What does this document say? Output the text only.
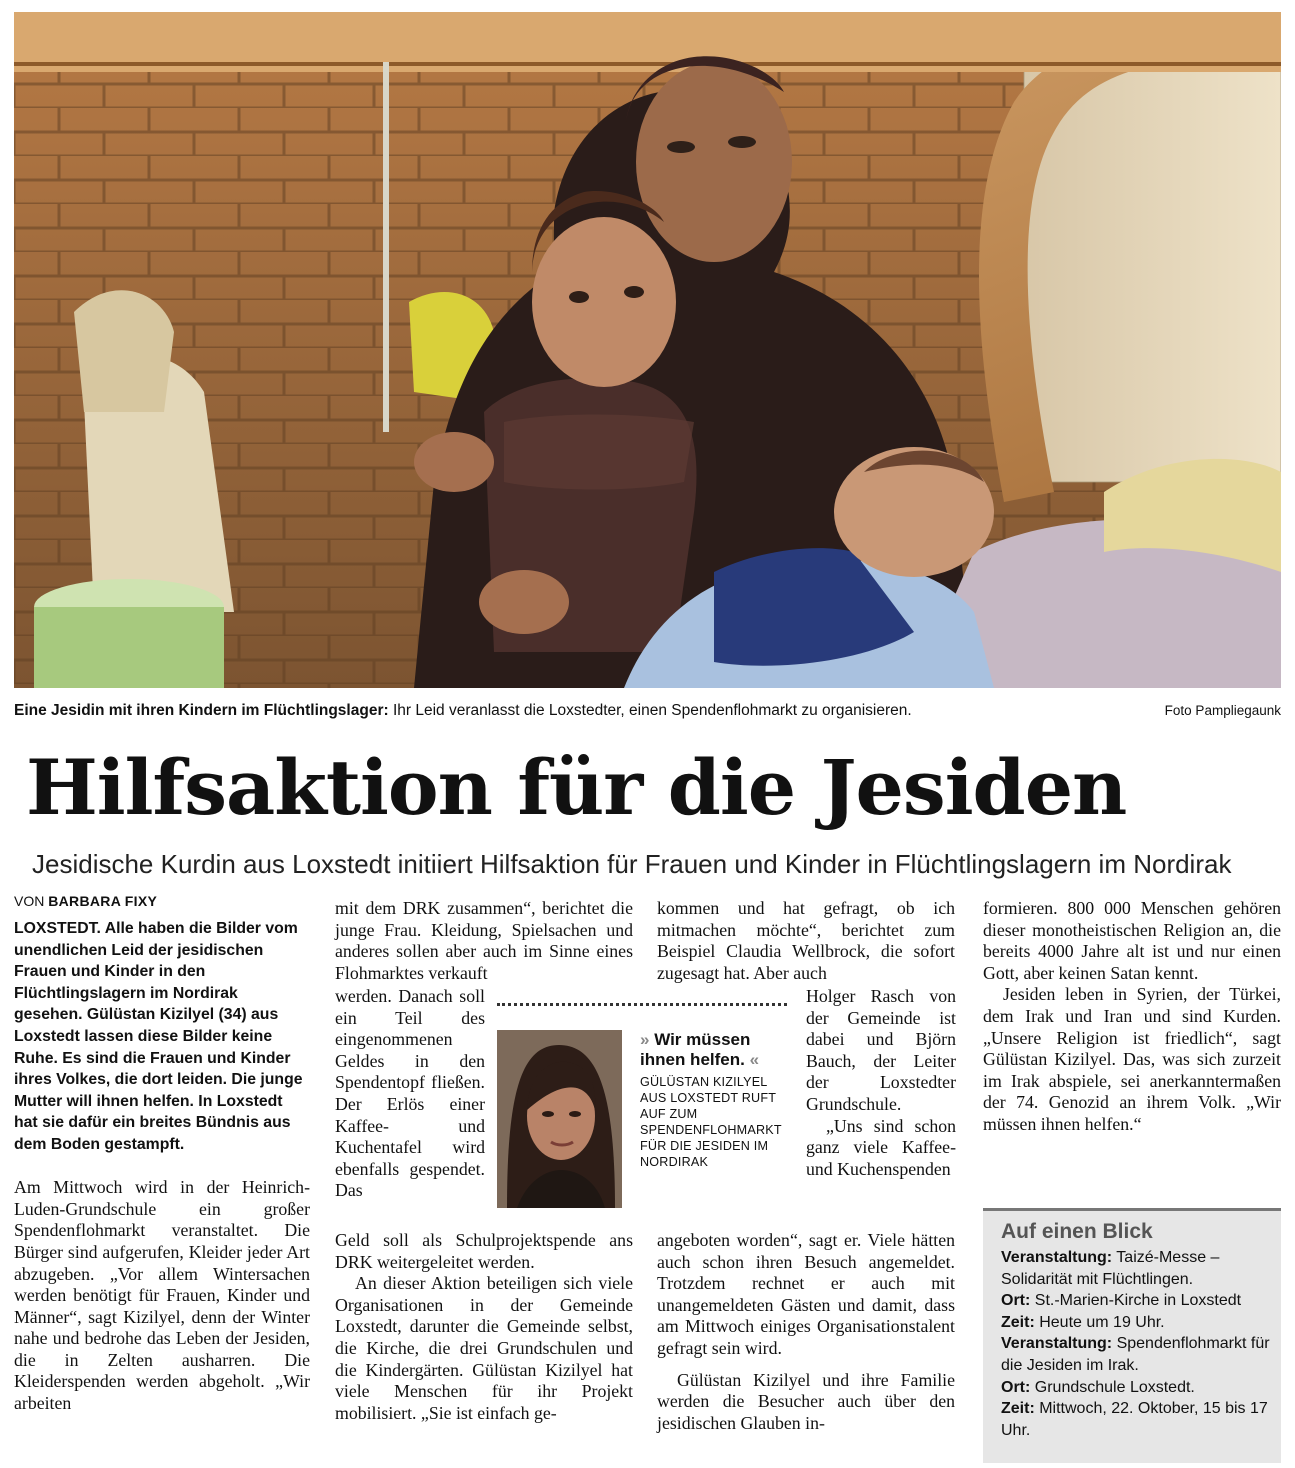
Eine Jesidin mit ihren Kindern im Flüchtlingslager: Ihr Leid veranlasst die Loxstedter, einen Spendenflohmarkt zu organisieren.	Foto Pampliegaunk
Hilfsaktion für die Jesiden
Jesidische Kurdin aus Loxstedt initiiert Hilfsaktion für Frauen und Kinder in Flüchtlingslagern im Nordirak
VON BARBARA FIXY

LOXSTEDT. Alle haben die Bilder vom unendlichen Leid der jesidischen Frauen und Kinder in den Flüchtlingslagern im Nordirak gesehen. Gülüstan Kizilyel (34) aus Loxstedt lassen diese Bilder keine Ruhe. Es sind die Frauen und Kinder ihres Volkes, die dort leiden. Die junge Mutter will ihnen helfen. In Loxstedt hat sie dafür ein breites Bündnis aus dem Boden gestampft.

Am Mittwoch wird in der Heinrich-Luden-Grundschule ein großer Spendenflohmarkt veranstaltet. Die Bürger sind aufgerufen, Kleider jeder Art abzugeben. „Vor allem Wintersachen werden benötigt für Frauen, Kinder und Männer“, sagt Kizilyel, denn der Winter nahe und bedrohe das Leben der Jesiden, die in Zelten ausharren. Die Kleiderspenden werden abgeholt. „Wir arbeiten

mit dem DRK zusammen“, berichtet die junge Frau. Kleidung, Spielsachen und anderes sollen aber auch im Sinne eines Flohmarktes verkauft

werden. Danach soll ein Teil des eingenommenen Geldes in den Spendentopf fließen. Der Erlös einer Kaffee- und Kuchentafel wird ebenfalls gespendet. Das

Geld soll als Schulprojektspende ans DRK weitergeleitet werden.

An dieser Aktion beteiligen sich viele Organisationen in der Gemeinde Loxstedt, darunter die Gemeinde selbst, die Kirche, die drei Grundschulen und die Kindergärten. Gülüstan Kizilyel hat viele Menschen für ihr Projekt mobilisiert. „Sie ist einfach ge-

» Wir müssen ihnen helfen. «
GÜLÜSTAN KIZILYEL AUS LOXSTEDT RUFT AUF ZUM SPENDENFLOHMARKT FÜR DIE JESIDEN IM NORDIRAK

kommen und hat gefragt, ob ich mitmachen möchte“, berichtet zum Beispiel Claudia Wellbrock, die sofort zugesagt hat. Aber auch

Holger Rasch von der Gemeinde ist dabei und Björn Bauch, der Leiter der Loxstedter Grundschule.

„Uns sind schon ganz viele Kaffee- und Kuchenspenden

angeboten worden“, sagt er. Viele hätten auch schon ihren Besuch angemeldet. Trotzdem rechnet er auch mit unangemeldeten Gästen und damit, dass am Mittwoch einiges Organisationstalent gefragt sein wird.

Gülüstan Kizilyel und ihre Familie werden die Besucher auch über den jesidischen Glauben in-

formieren. 800 000 Menschen gehören dieser monotheistischen Religion an, die bereits 4000 Jahre alt ist und nur einen Gott, aber keinen Satan kennt.

Jesiden leben in Syrien, der Türkei, dem Irak und Iran und sind Kurden. „Unsere Religion ist friedlich“, sagt Gülüstan Kizilyel. Das, was sich zurzeit im Irak abspiele, sei anerkanntermaßen der 74. Genozid an ihrem Volk. „Wir müssen ihnen helfen.“

Auf einen Blick

Veranstaltung: Taizé-Messe – Solidarität mit Flüchtlingen.

Ort: St.-Marien-Kirche in Loxstedt

Zeit: Heute um 19 Uhr.

Veranstaltung: Spendenflohmarkt für die Jesiden im Irak.

Ort: Grundschule Loxstedt.

Zeit: Mittwoch, 22. Oktober, 15 bis 17 Uhr.
